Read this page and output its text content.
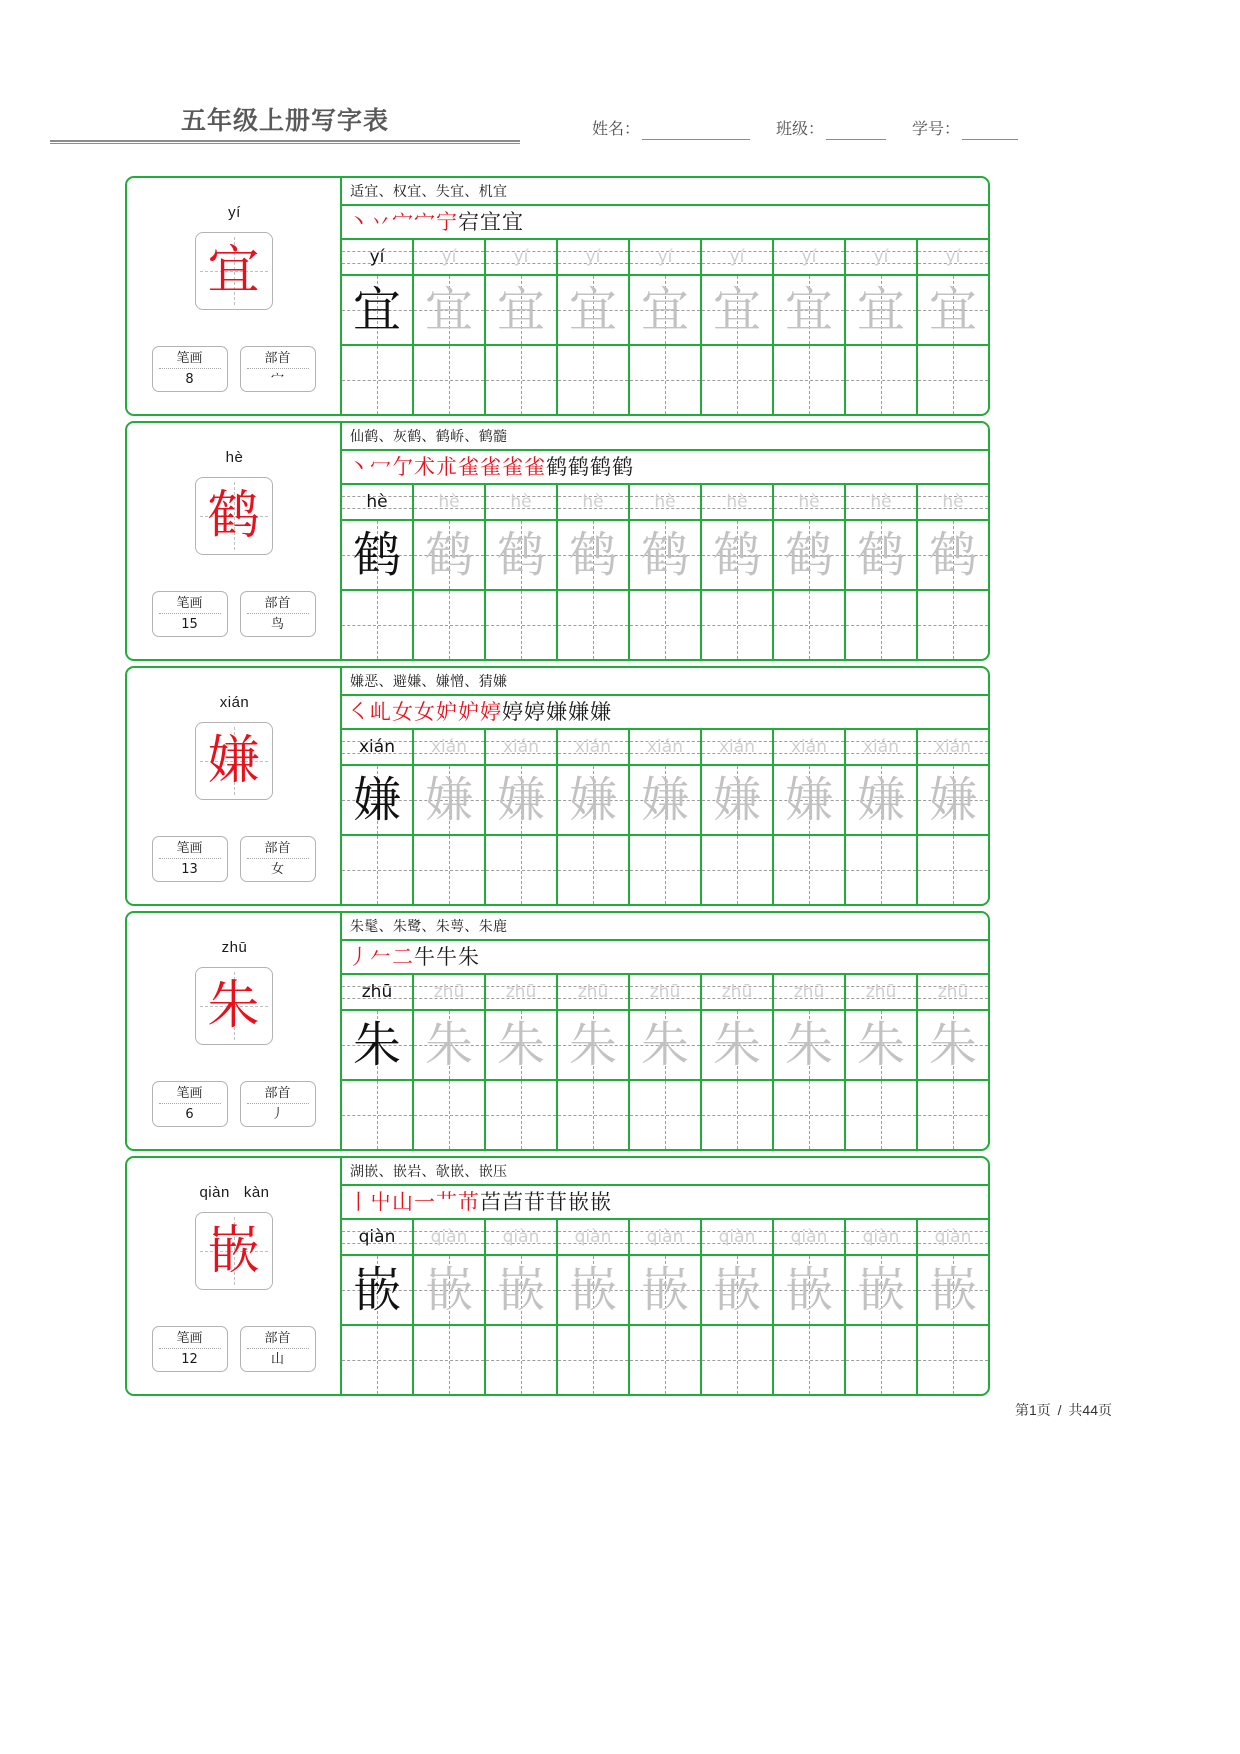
五年级上册写字表	姓名：	班级：	学号：
yí
宜
笔画
8
部首
宀
适宜、权宜、失宜、机宜
丶 丷 宀 宀 宁 宕 宜 宜
yí	yí	yí	yí	yí	yí	yí	yí	yí
宜 宜 宜 宜 宜 宜 宜 宜 宜
hè
鹤
笔画
15
部首
鸟
仙鹤、灰鹤、鹤峤、鹤髓
丶 冖 亇 术 朮 雀 雀 雀 雀 鹤 鹤 鹤 鹤
hè	hè	hè	hè	hè	hè	hè	hè	hè
鹤 鹤 鹤 鹤 鹤 鹤 鹤 鹤 鹤
xián
嫌
笔画
13
部首
女
嫌恶、避嫌、嫌憎、猜嫌
㇛ 乢 女 女 妒 妒 婷 婷 婷 嫌 嫌 嫌
xián xián xián xián xián xián xián xián xián
嫌 嫌 嫌 嫌 嫌 嫌 嫌 嫌 嫌
zhū
朱
笔画
6
部首
丿
朱髦、朱鹭、朱萼、朱鹿
丿 𠂉 二 牛 牛 朱
zhū zhū zhū zhū zhū zhū zhū zhū zhū
朱 朱 朱 朱 朱 朱 朱 朱 朱
qiàn kàn
嵌
笔画
12
部首
山
湖嵌、嵌岩、欹嵌、嵌压
丨 屮 山 一 艹 芇 苩 苩 苷 苷 嵌 嵌
qiàn qiàn qiàn qiàn qiàn qiàn qiàn qiàn qiàn
嵌 嵌 嵌 嵌 嵌 嵌 嵌 嵌 嵌
第1页 / 共44页
